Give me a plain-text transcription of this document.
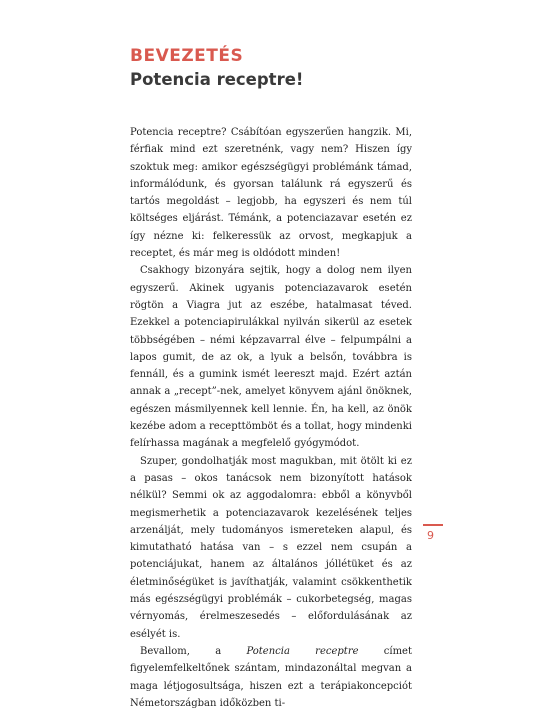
BEVEZETÉS
Potencia receptre!

Potencia receptre? Csábítóan egyszerűen hangzik. Mi, férfiak mind ezt szeretnénk, vagy nem? Hiszen így szoktuk meg: amikor egészségügyi problémánk támad, informálódunk, és gyorsan találunk rá egyszerű és tartós megoldást – legjobb, ha egyszeri és nem túl költséges eljárást. Témánk, a potenciazavar esetén ez így nézne ki: felkeressük az orvost, megkapjuk a receptet, és már meg is oldódott minden!

Csakhogy bizonyára sejtik, hogy a dolog nem ilyen egyszerű. Akinek ugyanis potenciazavarok esetén rögtön a Viagra jut az eszébe, hatalmasat téved. Ezekkel a potenciapirulákkal nyilván sikerül az esetek többségében – némi képzavarral élve – felpumpálni a lapos gumit, de az ok, a lyuk a belsőn, továbbra is fennáll, és a gumink ismét leereszt majd. Ezért aztán annak a „recept”-nek, amelyet könyvem ajánl önöknek, egészen másmilyennek kell lennie. Én, ha kell, az önök kezébe adom a recepttömböt és a tollat, hogy mindenki felírhassa magának a megfelelő gyógymódot.

Szuper, gondolhatják most magukban, mit ötölt ki ez a pasas – okos tanácsok nem bizonyított hatások nélkül? Semmi ok az aggodalomra: ebből a könyvből megismerhetik a potenciazavarok kezelésének teljes arzenálját, mely tudományos ismereteken alapul, és kimutatható hatása van – s ezzel nem csupán a potenciájukat, hanem az általános jóllétüket és az életminőségüket is javíthatják, valamint csökkenthetik más egészségügyi problémák – cukorbetegség, magas vérnyomás, érelmeszesedés – előfordulásának az esélyét is.

Bevallom, a Potencia receptre címet figyelemfelkeltőnek szántam, mindazonáltal megvan a maga létjogosultsága, hiszen ezt a terápiakoncepciót Németországban időközben ti-

9
